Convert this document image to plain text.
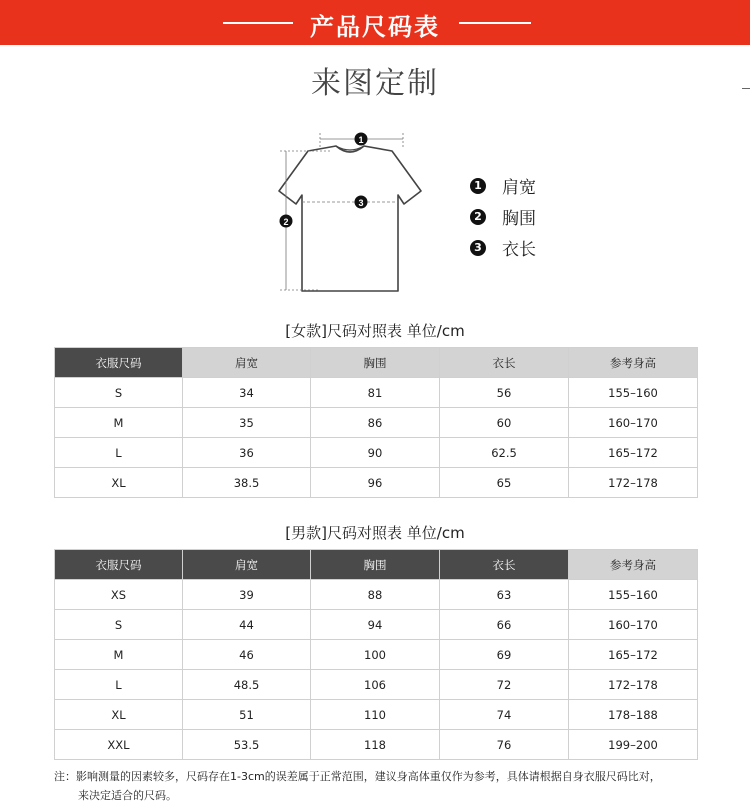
产品尺码表
来图定制
1
2
3
1 肩宽
2 胸围
3 衣长
[女款]尺码对照表 单位/cm
衣服尺码	肩宽	胸围	衣长	参考身高
S	34	81	56	155–160
M	35	86	60	160–170
L	36	90	62.5	165–172
XL	38.5	96	65	172–178
[男款]尺码对照表 单位/cm
衣服尺码	肩宽	胸围	衣长	参考身高
XS	39	88	63	155–160
S	44	94	66	160–170
M	46	100	69	165–172
L	48.5	106	72	172–178
XL	51	110	74	178–188
XXL	53.5	118	76	199–200
注：影响测量的因素较多，尺码存在1-3cm的误差属于正常范围，建议身高体重仅作为参考，具体请根据自身衣服尺码比对，
来决定适合的尺码。
